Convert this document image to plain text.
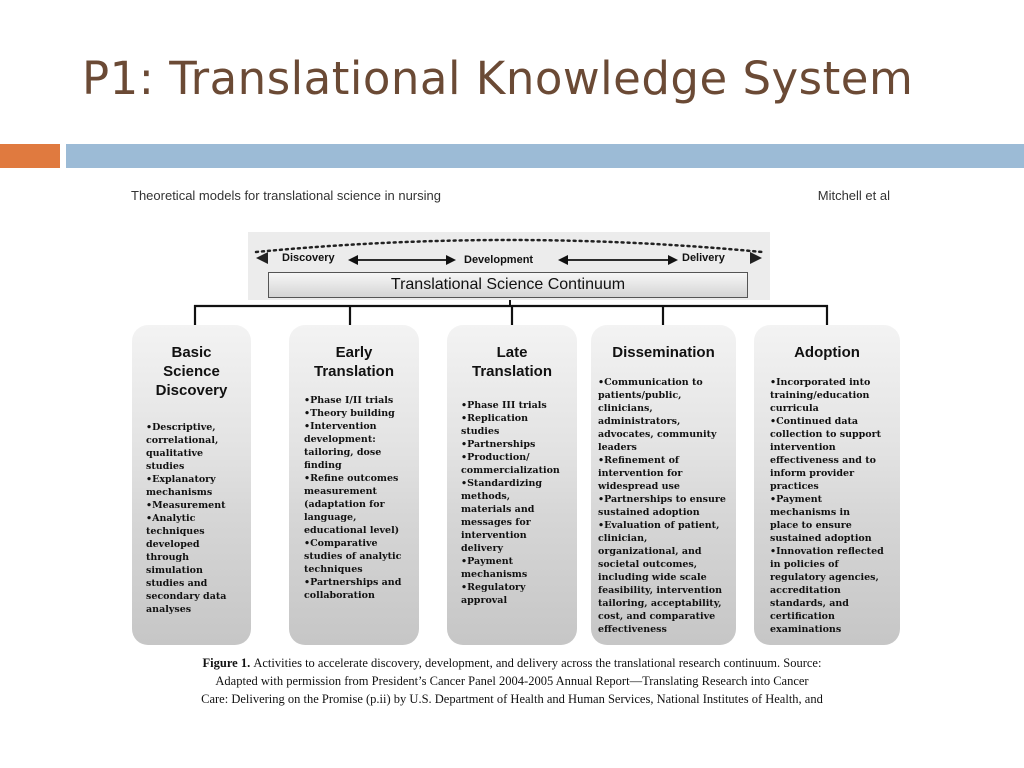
P1: Translational Knowledge System
Theoretical models for translational science in nursing	Mitchell et al
Discovery	Development	Delivery
Translational Science Continuum
Basic
Science
Discovery
•Descriptive,
correlational,
qualitative
studies
•Explanatory
mechanisms
•Measurement
•Analytic
techniques
developed
through
simulation
studies and
secondary data
analyses
Early
Translation
•Phase I/II trials
•Theory building
•Intervention
development:
tailoring, dose
finding
•Refine outcomes
measurement
(adaptation for
language,
educational level)
•Comparative
studies of analytic
techniques
•Partnerships and
collaboration
Late
Translation
•Phase III trials
•Replication
studies
•Partnerships
•Production/
commercialization
•Standardizing
methods,
materials and
messages for
intervention
delivery
•Payment
mechanisms
•Regulatory
approval
Dissemination
•Communication to
patients/public,
clinicians,
administrators,
advocates, community
leaders
•Refinement of
intervention for
widespread use
•Partnerships to ensure
sustained adoption
•Evaluation of patient,
clinician,
organizational, and
societal outcomes,
including wide scale
feasibility, intervention
tailoring, acceptability,
cost, and comparative
effectiveness
Adoption
•Incorporated into
training/education
curricula
•Continued data
collection to support
intervention
effectiveness and to
inform provider
practices
•Payment
mechanisms in
place to ensure
sustained adoption
•Innovation reflected
in policies of
regulatory agencies,
accreditation
standards, and
certification
examinations
Figure 1. Activities to accelerate discovery, development, and delivery across the translational research continuum. Source:
Adapted with permission from President’s Cancer Panel 2004-2005 Annual Report—Translating Research into Cancer
Care: Delivering on the Promise (p.ii) by U.S. Department of Health and Human Services, National Institutes of Health, and
